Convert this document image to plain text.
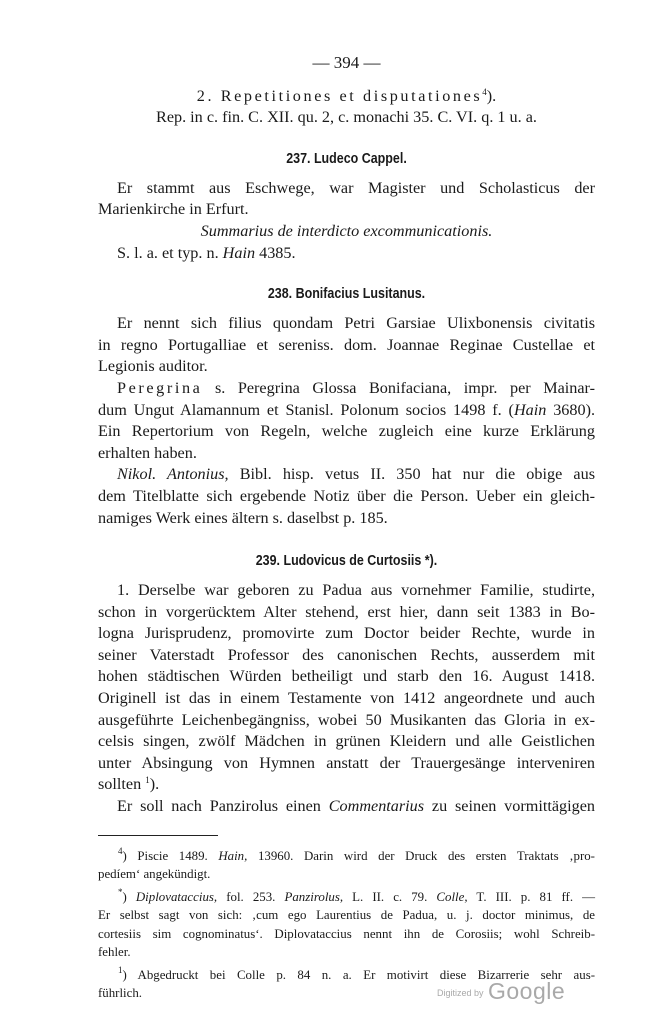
— 394 —
2. Repetitiones et disputationes$^4$).
Rep. in c. fin. C. XII. qu. 2, c. monachi 35. C. VI. q. 1 u. a.
237. Ludeco Cappel.
Er stammt aus Eschwege, war Magister und Scholasticus der
Marienkirche in Erfurt.
Summarius de interdicto excommunicationis.
S. l. a. et typ. n. Hain 4385.
238. Bonifacius Lusitanus.
Er nennt sich filius quondam Petri Garsiae Ulixbonensis civitatis
in regno Portugalliae et sereniss. dom. Joannae Reginae Custellae et
Legionis auditor.
Peregrina s. Peregrina Glossa Bonifaciana, impr. per Mainar-
dum Ungut Alamannum et Stanisl. Polonum socios 1498 f. (Hain 3680).
Ein Repertorium von Regeln, welche zugleich eine kurze Erklärung
erhalten haben.
Nikol. Antonius, Bibl. hisp. vetus II. 350 hat nur die obige aus
dem Titelblatte sich ergebende Notiz über die Person. Ueber ein gleich-
namiges Werk eines ältern s. daselbst p. 185.
239. Ludovicus de Curtosiis *).
1. Derselbe war geboren zu Padua aus vornehmer Familie, studirte,
schon in vorgerücktem Alter stehend, erst hier, dann seit 1383 in Bo-
logna Jurisprudenz, promovirte zum Doctor beider Rechte, wurde in
seiner Vaterstadt Professor des canonischen Rechts, ausserdem mit
hohen städtischen Würden betheiligt und starb den 16. August 1418.
Originell ist das in einem Testamente von 1412 angeordnete und auch
ausgeführte Leichenbegängniss, wobei 50 Musikanten das Gloria in ex-
celsis singen, zwölf Mädchen in grünen Kleidern und alle Geistlichen
unter Absingung von Hymnen anstatt der Trauergesänge interveniren
sollten $^1$).
Er soll nach Panzirolus einen Commentarius zu seinen vormittägigen
$^4$) Piscie 1489. Hain, 13960. Darin wird der Druck des ersten Traktats ‚pro-
pedíem‘ angekündigt.
*) Diplovataccius, fol. 253. Panzirolus, L. II. c. 79. Colle, T. III. p. 81 ff. —
Er selbst sagt von sich: ‚cum ego Laurentius de Padua, u. j. doctor minimus, de
cortesiis sim cognominatus‘. Diplovataccius nennt ihn de Corosiis; wohl Schreib-
fehler.
$^1$) Abgedruckt bei Colle p. 84 n. a. Er motivirt diese Bizarrerie sehr aus-
führlich.	Digitized by Google
